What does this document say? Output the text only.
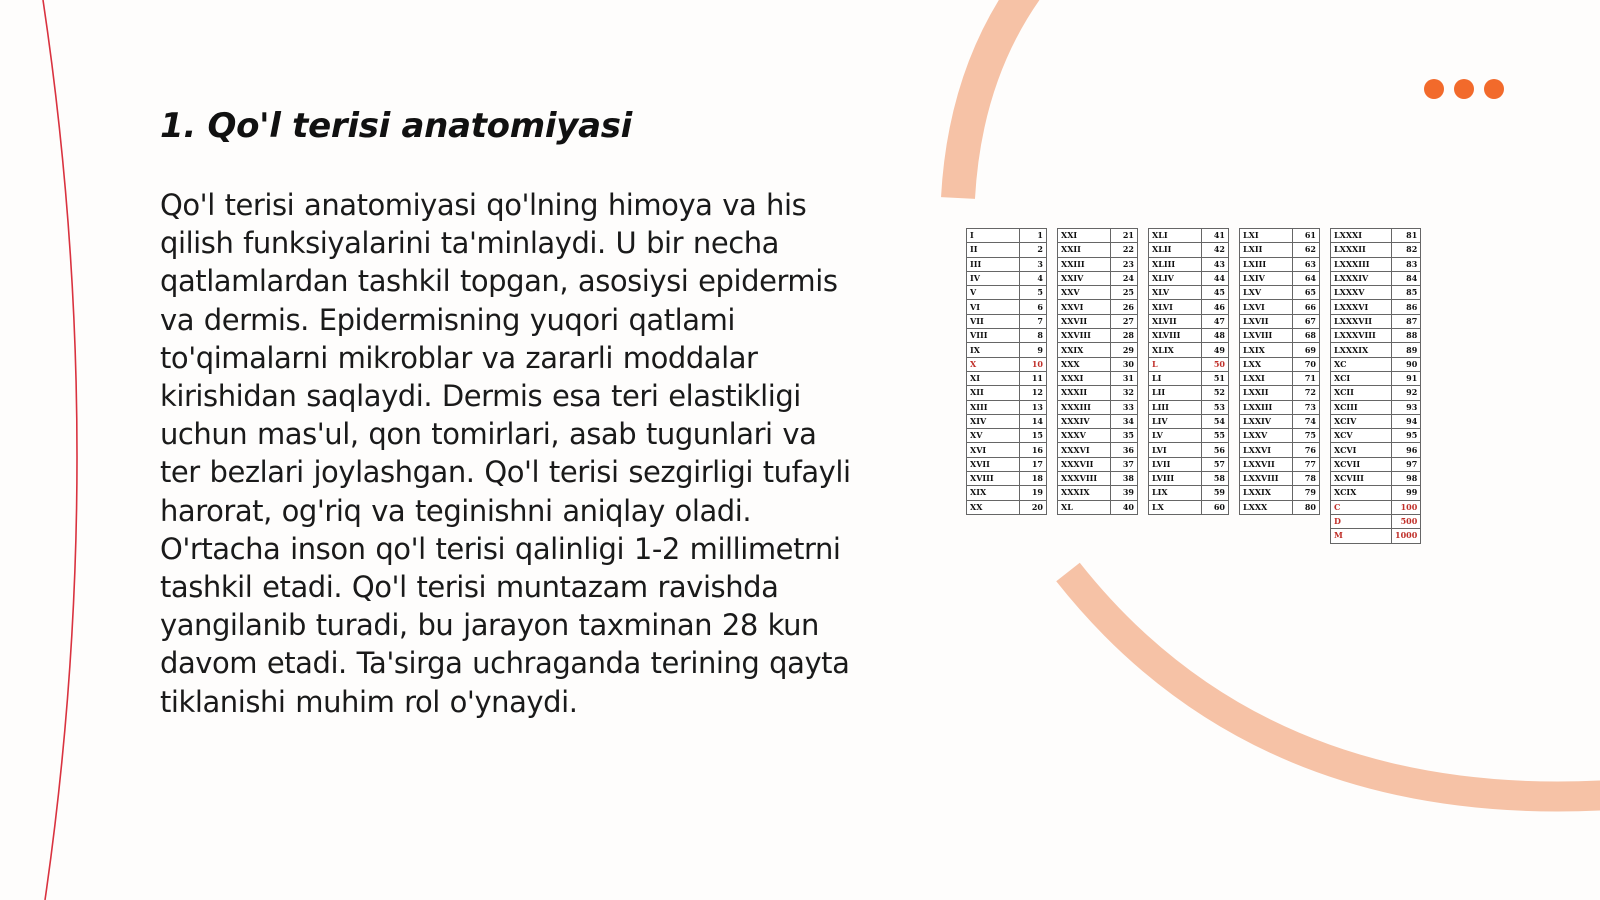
1. Qo'l terisi anatomiyasi

Qo'l terisi anatomiyasi qo'lning himoya va his qilish funksiyalarini ta'minlaydi. U bir necha qatlamlardan tashkil topgan, asosiysi epidermis va dermis. Epidermisning yuqori qatlami to'qimalarni mikroblar va zararli moddalar kirishidan saqlaydi. Dermis esa teri elastikligi uchun mas'ul, qon tomirlari, asab tugunlari va ter bezlari joylashgan. Qo'l terisi sezgirligi tufayli harorat, og'riq va teginishni aniqlay oladi. O'rtacha inson qo'l terisi qalinligi 1-2 millimetrni tashkil etadi. Qo'l terisi muntazam ravishda yangilanib turadi, bu jarayon taxminan 28 kun davom etadi. Ta'sirga uchraganda terining qayta tiklanishi muhim rol o'ynaydi.

I	1
II	2
III	3
IV	4
V	5
VI	6
VII	7
VIII	8
IX	9
X	10
XI	11
XII	12
XIII	13
XIV	14
XV	15
XVI	16
XVII	17
XVIII	18
XIX	19
XX	20
XXI	21
XXII	22
XXIII	23
XXIV	24
XXV	25
XXVI	26
XXVII	27
XXVIII	28
XXIX	29
XXX	30
XXXI	31
XXXII	32
XXXIII	33
XXXIV	34
XXXV	35
XXXVI	36
XXXVII	37
XXXVIII	38
XXXIX	39
XL	40
XLI	41
XLII	42
XLIII	43
XLIV	44
XLV	45
XLVI	46
XLVII	47
XLVIII	48
XLIX	49
L	50
LI	51
LII	52
LIII	53
LIV	54
LV	55
LVI	56
LVII	57
LVIII	58
LIX	59
LX	60
LXI	61
LXII	62
LXIII	63
LXIV	64
LXV	65
LXVI	66
LXVII	67
LXVIII	68
LXIX	69
LXX	70
LXXI	71
LXXII	72
LXXIII	73
LXXIV	74
LXXV	75
LXXVI	76
LXXVII	77
LXXVIII	78
LXXIX	79
LXXX	80
LXXXI	81
LXXXII	82
LXXXIII	83
LXXXIV	84
LXXXV	85
LXXXVI	86
LXXXVII	87
LXXXVIII	88
LXXXIX	89
XC	90
XCI	91
XCII	92
XCIII	93
XCIV	94
XCV	95
XCVI	96
XCVII	97
XCVIII	98
XCIX	99
C	100
D	500
M	1000
